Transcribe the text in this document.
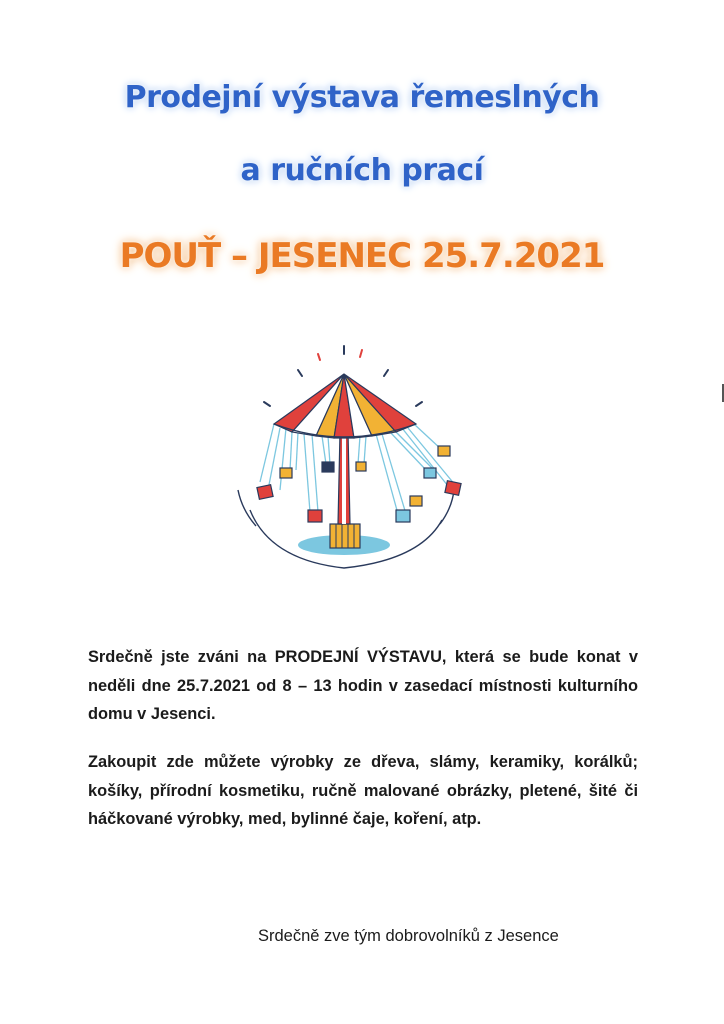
Prodejní výstava řemeslných
a ručních prací
POUŤ – JESENEC 25.7.2021
Srdečně jste zváni na PRODEJNÍ VÝSTAVU, která se bude konat v neděli dne 25.7.2021 od 8 – 13 hodin v zasedací místnosti kulturního domu v Jesenci.
Zakoupit zde můžete výrobky ze dřeva, slámy, keramiky, korálků; košíky, přírodní kosmetiku, ručně malované obrázky, pletené, šité či háčkované výrobky, med, bylinné čaje, koření, atp.
Srdečně zve tým dobrovolníků z Jesence
